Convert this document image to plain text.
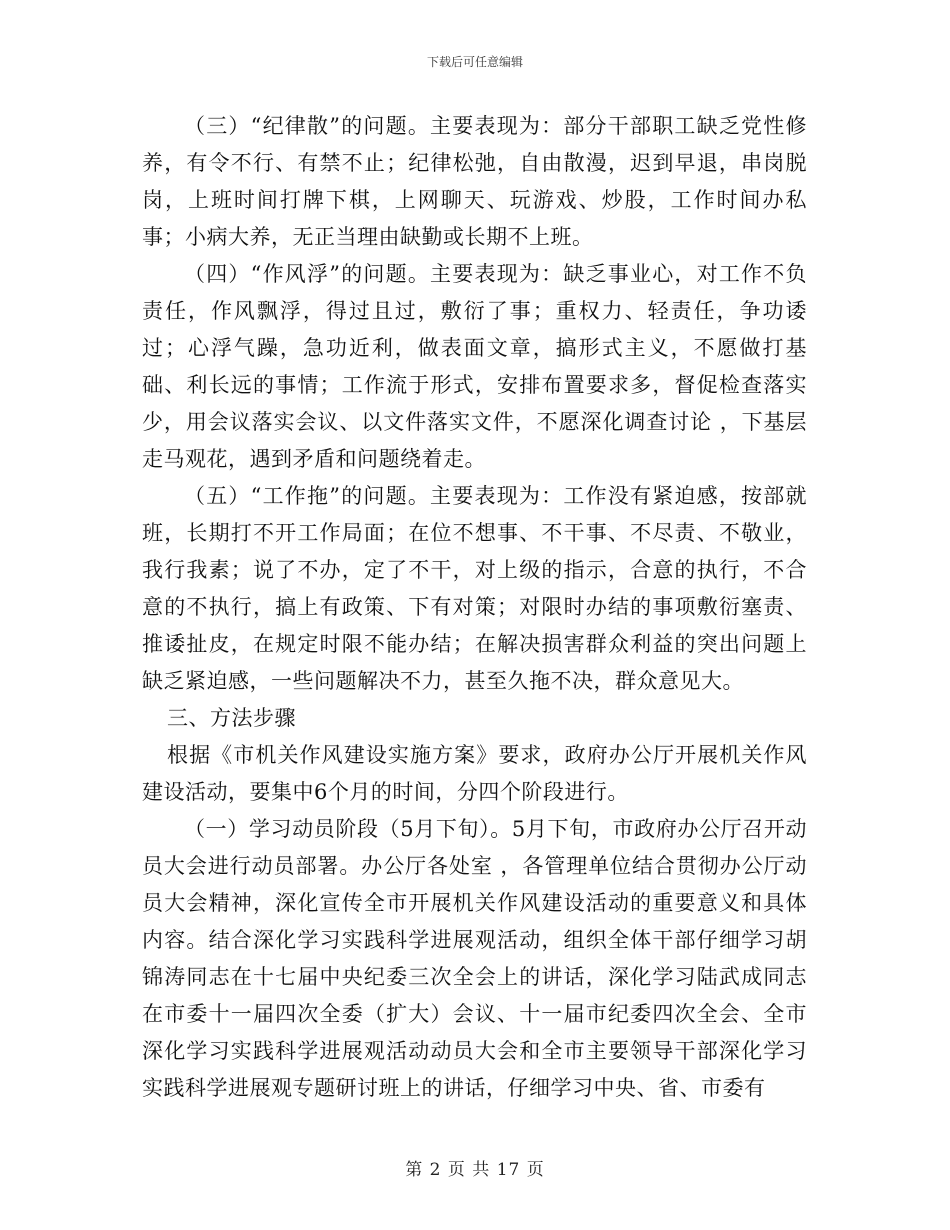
下载后可任意编辑

（三）“纪律散”的问题。主要表现为：部分干部职工缺乏党性修养，有令不行、有禁不止；纪律松弛，自由散漫，迟到早退，串岗脱岗，上班时间打牌下棋，上网聊天、玩游戏、炒股，工作时间办私事；小病大养，无正当理由缺勤或长期不上班。

（四）“作风浮”的问题。主要表现为：缺乏事业心，对工作不负责任，作风飘浮，得过且过，敷衍了事；重权力、轻责任，争功诿过；心浮气躁，急功近利，做表面文章，搞形式主义，不愿做打基础、利长远的事情；工作流于形式，安排布置要求多，督促检查落实少，用会议落实会议、以文件落实文件，不愿深化调查讨论 ，下基层走马观花，遇到矛盾和问题绕着走。

（五）“工作拖”的问题。主要表现为：工作没有紧迫感，按部就班，长期打不开工作局面；在位不想事、不干事、不尽责、不敬业，我行我素；说了不办，定了不干，对上级的指示，合意的执行，不合意的不执行，搞上有政策、下有对策；对限时办结的事项敷衍塞责、推诿扯皮，在规定时限不能办结；在解决损害群众利益的突出问题上缺乏紧迫感，一些问题解决不力，甚至久拖不决，群众意见大。

三、方法步骤

根据《市机关作风建设实施方案》要求，政府办公厅开展机关作风建设活动，要集中6个月的时间，分四个阶段进行。

（一）学习动员阶段（5月下旬）。5月下旬，市政府办公厅召开动员大会进行动员部署。办公厅各处室 ，各管理单位结合贯彻办公厅动员大会精神，深化宣传全市开展机关作风建设活动的重要意义和具体内容。结合深化学习实践科学进展观活动，组织全体干部仔细学习胡锦涛同志在十七届中央纪委三次全会上的讲话，深化学习陆武成同志在市委十一届四次全委（扩大）会议、十一届市纪委四次全会、全市深化学习实践科学进展观活动动员大会和全市主要领导干部深化学习实践科学进展观专题研讨班上的讲话，仔细学习中央、省、市委有

第 2 页 共 17 页
